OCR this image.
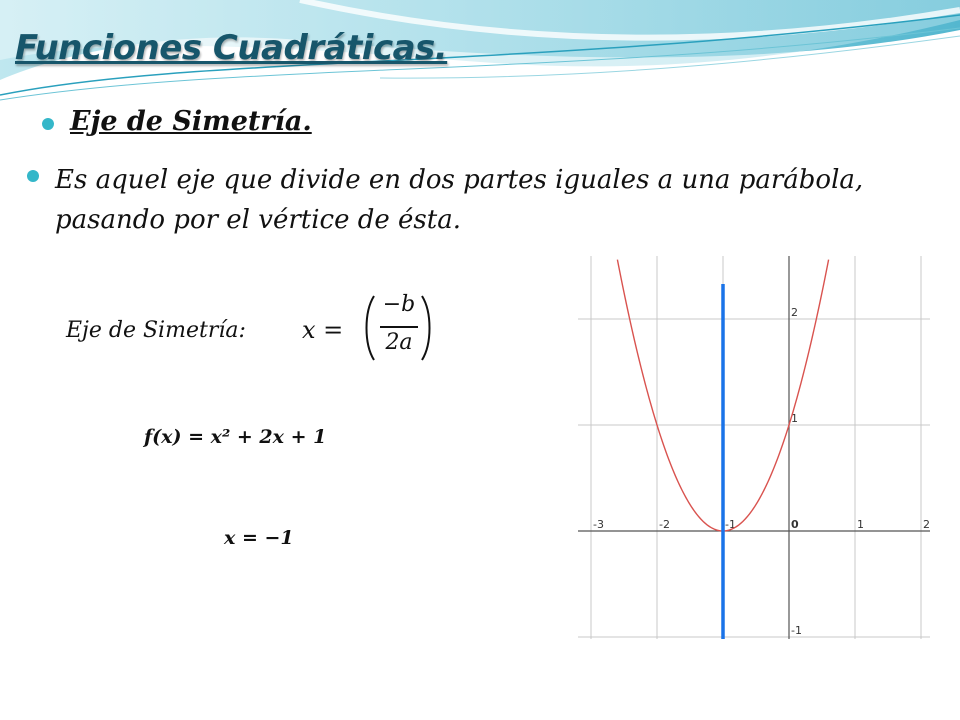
Funciones Cuadráticas.
Eje de Simetría.
Es aquel eje que divide en dos partes iguales a una parábola, pasando por el vértice de ésta.
Eje de Simetría: x =
−b
2a
f(x) = x² + 2x + 1
x = −1
-3	-2	-1	0	1	2
2
1
-1
